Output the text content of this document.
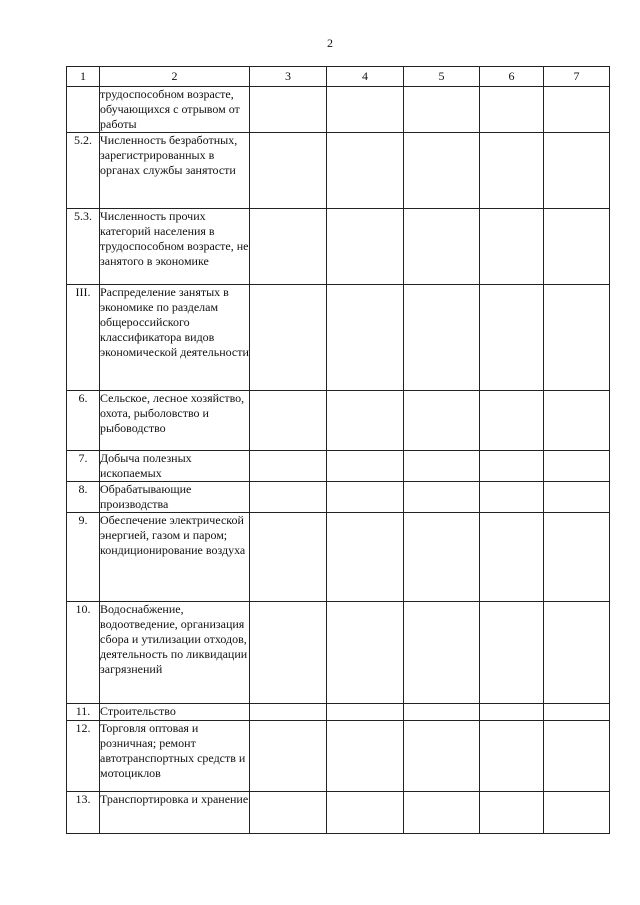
2
1	2	3	4	5	6	7
	трудоспособном возрасте, обучающихся с отрывом от работы					
5.2.	Численность безработных, зарегистрированных в органах службы занятости					
5.3.	Численность прочих категорий населения в трудоспособном возрасте, не занятого в экономике					
III.	Распределение занятых в экономике по разделам общероссийского классификатора видов экономической деятельности					
6.	Сельское, лесное хозяйство, охота, рыболовство и рыбоводство					
7.	Добыча полезных ископаемых					
8.	Обрабатывающие производства					
9.	Обеспечение электрической энергией, газом и паром; кондиционирование воздуха					
10.	Водоснабжение, водоотведение, организация сбора и утилизации отходов, деятельность по ликвидации загрязнений					
11.	Строительство					
12.	Торговля оптовая и розничная; ремонт автотранспортных средств и мотоциклов					
13.	Транспортировка и хранение					
